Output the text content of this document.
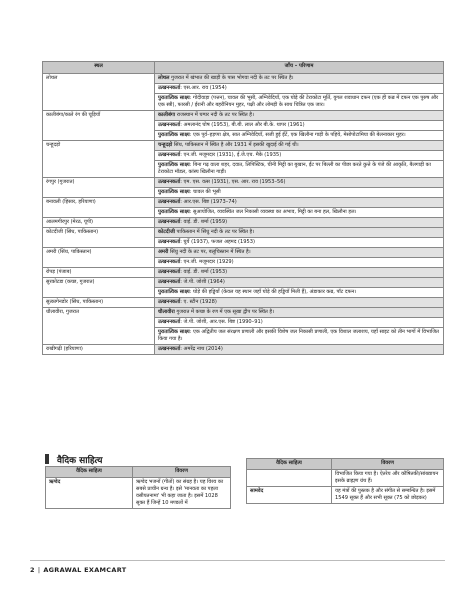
स्थल	जाँच – परिणाम
लोथल	लोथल गुजरात में खंभात की खाड़ी के पास भोगवा नदी के तट पर स्थित है।
	उत्खननकर्ता: एस.आर. राव (1954)
	पुरातात्विक साक्ष्य: गोदीवाड़ा (पत्तन), चावल की भूसी, अग्निवेदियाँ, एक घोड़े की टेराकोटा मूर्ति, युगल शवाधान दफन (एक ही कब्र में दफन एक पुरुष और एक स्त्री), फारसी / ईरानी और बहरीनियन मुहर, पक्षी और लोमड़ी के साथ चित्रित एक जार।
कालीबंगा/काले रंग की चूड़ियाँ	कालीबंगा राजस्थान में घग्घर नदी के तट पर स्थित है।
	उत्खननकर्ता: अमलानंद घोष (1953), बी.बी. लाल और बी.के. थापर (1961)
	पुरातात्विक साक्ष्य: एक पूर्व–हड़प्पा क्षेत्र, सात अग्निवेदियाँ, सजी हुई ईंटें, एक खिलौना गाड़ी के पहिये, मेसोपोटामिया की बेलनाकार मुहर।
चन्हूदड़ो	चन्हूदड़ो सिंध, पाकिस्तान में स्थित है और 1931 में इसकी खुदाई की गई थी।
	उत्खननकर्ता: एन.जी. मजूमदार (1931), ई.जे.एच. मैके (1935)
	पुरातात्विक साक्ष्य: बिना गढ़ वाला शहर, दवात, लिपिस्टिक, चीनी मिट्टी का बुखान, ईंट पर बिल्ली का पीछा करते कुत्ते के पंजे की आकृति, बैलगाड़ी का टेराकोटा मॉडल, कांस्य खिलौना गाड़ी।
रंगपुर (गुजरात)	उत्खननकर्ता: एम. एस. वत्स (1931), एस. आर. राव (1953–56)
	पुरातात्विक साक्ष्य: चावल की भूसी
बनावली (हिसार, हरियाणा)	उत्खननकर्ता: आर.एस. बिष्ट (1973–74)
	पुरातात्विक साक्ष्य: सुआयोजित, व्यवस्थित जल निकासी व्यवस्था का अभाव, मिट्टी का बना हल, खिलौना हल।
आलमगीरपुर (मेरठ, यूपी)	उत्खननकर्ता: वाई. डी. शर्मा (1959)
कोटदीजी (सिंध, पाकिस्तान)	कोटदीजी पाकिस्तान में सिंधु नदी के तट पर स्थित है।
	उत्खननकर्ता: घुर्ये (1937), फजल अहमद (1953)
अमरी (सिंध, पाकिस्तान)	अमरी सिंधु नदी के तट पर, बलूचिस्तान में स्थित है।
	उत्खननकर्ता: एन.जी. मजूमदार (1929)
रोपड़ (पंजाब)	उत्खननकर्ता: वाई. डी. शर्मा (1953)
सुरकोटडा (कच्छ, गुजरात)	उत्खननकर्ता: जे.पी. जोशी (1964)
	पुरातात्विक साक्ष्य: घोड़े की हड्डियाँ (केवल यह स्थान जहाँ घोड़े की हड्डियाँ मिली हैं), अंडाकार कब्र, पॉट दफन।
सुत्कागेनडोर (सिंध, पाकिस्तान)	उत्खननकर्ता: ए. स्टीन (1928)
धौलावीरा, गुजरात	धौलावीरा गुजरात में कच्छ के रण में एक सूखा द्वीप पर स्थित है।
	उत्खननकर्ता: जे.पी. जोशी, आर.एस. बिष्ट (1990–91)
	पुरातात्विक साक्ष्य: एक अद्वितीय जल संरक्षण प्रणाली और इसकी विशेष जल निकासी प्रणाली, एक विशाल जलाशय, यहाँ साइट को तीन भागों में विभाजित किया गया है।
राखीगढ़ी (हरियाणा)	उत्खननकर्ता: अमरेंद्र नाथ (2014)
वैदिक साहित्य
वैदिक साहित्य	विवरण
ऋग्वेद	ऋग्वेद भजनों (गीतों) का संग्रह है। यह विश्व का सबसे प्राचीन ग्रन्थ है। इसे 'मानवता का पहला वसीयतनामा' भी कहा जाता है। इसमें 1028 सूक्त हैं जिन्हें 10 मण्डलों में
वैदिक साहित्य	विवरण
	विभाजित किया गया है। ऐतरेय और कौषितकी/सांख्यायन इसके ब्राह्मण ग्रंथ हैं।
सामवेद	यह मंत्रों की पुस्तक है और संगीत से सम्बन्धित है। इसमें 1549 सूक्त हैं और सभी सूक्त (75 को छोड़कर)
2 | AGRAWAL EXAMCART
